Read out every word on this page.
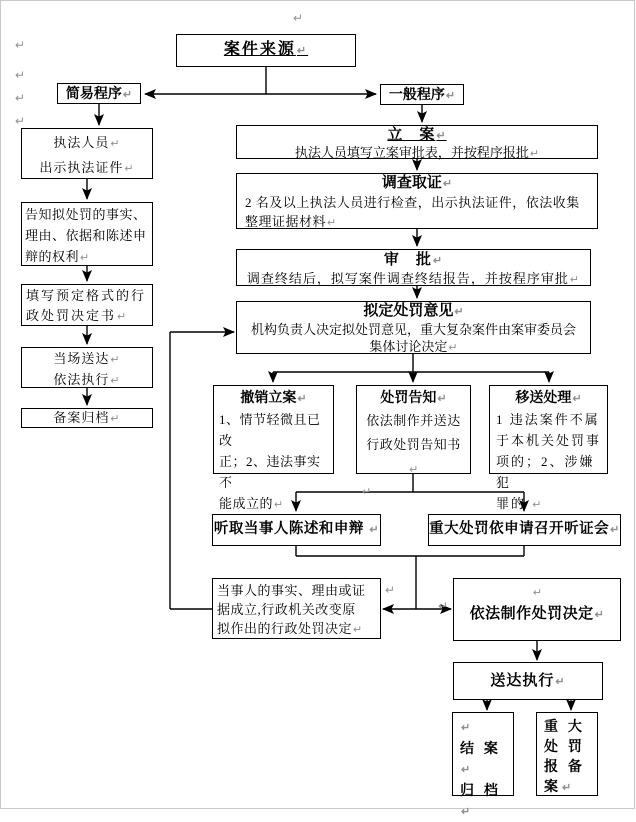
↵
↵
↵
↵
↵
↵
↵
案件来源↵
简易程序↵	一般程序↵
执法人员↵
出示执法证件↵
告知拟处罚的事实、
理由、依据和陈述申
辩的权利↵
填写预定格式的行
政处罚决定书↵
当场送达↵
依法执行↵
备案归档↵
立　案↵
执法人员填写立案审批表，并按程序报批↵
调查取证↵
2 名及以上执法人员进行检查，出示执法证件，依法收集
整理证据材料↵
审　批↵
调查终结后，拟写案件调查终结报告，并按程序审批↵
拟定处罚意见↵
机构负责人决定拟处罚意见，重大复杂案件由案审委员会
集体讨论决定↵
撤销立案↵
1、情节轻微且已改
正；2、违法事实不
能成立的↵
处罚告知↵
依法制作并送达
行政处罚告知书↵
↵
移送处理↵
1 违法案件不属
于本机关处罚事
项的；2、涉嫌犯
罪的 ↵
听取当事人陈述和申辩 ↵	重大处罚依申请召开听证会↵
当事人的事实、理由或证
据成立,行政机关改变原
拟作出的行政处罚决定↵
↵
依法制作处罚决定↵
送达执行↵
↵
结 案↵
归 档↵
重 大
处 罚
报 备
案↵
